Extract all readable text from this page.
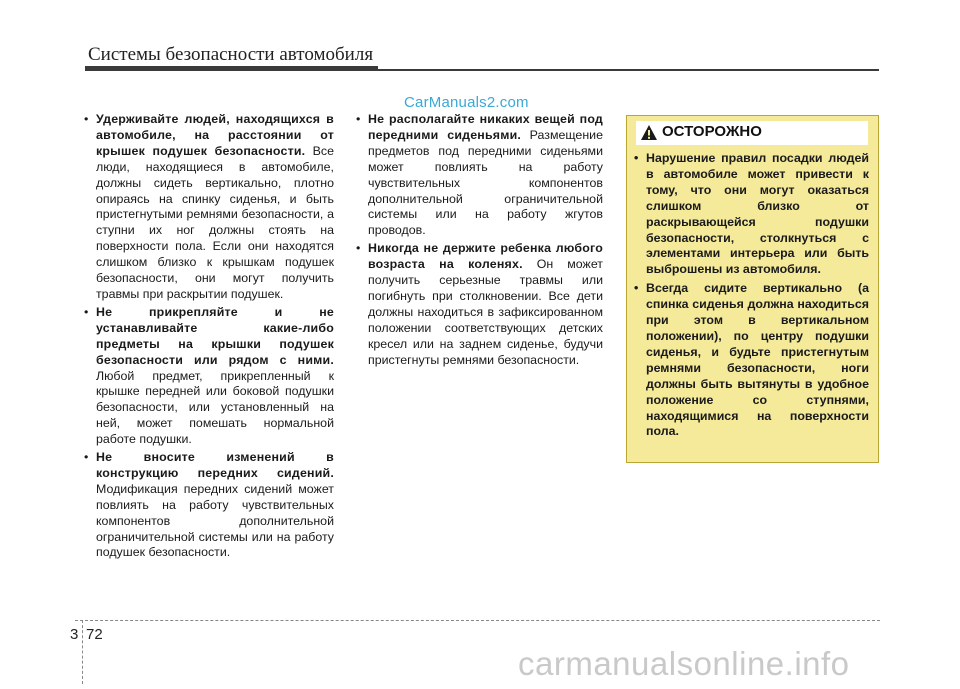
Системы безопасности автомобиля
CarManuals2.com
• Удерживайте людей, находящихся в автомобиле, на расстоянии от крышек подушек безопасности. Все люди, находящиеся в автомобиле, должны сидеть вертикально, плотно опираясь на спинку сиденья, и быть пристегнутыми ремнями безопасности, а ступни их ног должны стоять на поверхности пола. Если они находятся слишком близко к крышкам подушек безопасности, они могут получить травмы при раскрытии подушек.
• Не прикрепляйте и не устанавливайте какие-либо предметы на крышки подушек безопасности или рядом с ними. Любой предмет, прикрепленный к крышке передней или боковой подушки безопасности, или установленный на ней, может помешать нормальной работе подушки.
• Не вносите изменений в конструкцию передних сидений. Модификация передних сидений может повлиять на работу чувствительных компонентов дополнительной ограничительной системы или на работу подушек безопасности.
• Не располагайте никаких вещей под передними сиденьями. Размещение предметов под передними сиденьями может повлиять на работу чувствительных компонентов дополнительной ограничительной системы или на работу жгутов проводов.
• Никогда не держите ребенка любого возраста на коленях. Он может получить серьезные травмы или погибнуть при столкновении. Все дети должны находиться в зафиксированном положении соответствующих детских кресел или на заднем сиденье, будучи пристегнуты ремнями безопасности.
ОСТОРОЖНО
• Нарушение правил посадки людей в автомобиле может привести к тому, что они могут оказаться слишком близко от раскрывающейся подушки безопасности, столкнуться с элементами интерьера или быть выброшены из автомобиля.
• Всегда сидите вертикально (а спинка сиденья должна находиться при этом в вертикальном положении), по центру подушки сиденья, и будьте пристегнутым ремнями безопасности, ноги должны быть вытянуты в удобное положение со ступнями, находящимися на поверхности пола.
3 72
carmanualsonline.info
